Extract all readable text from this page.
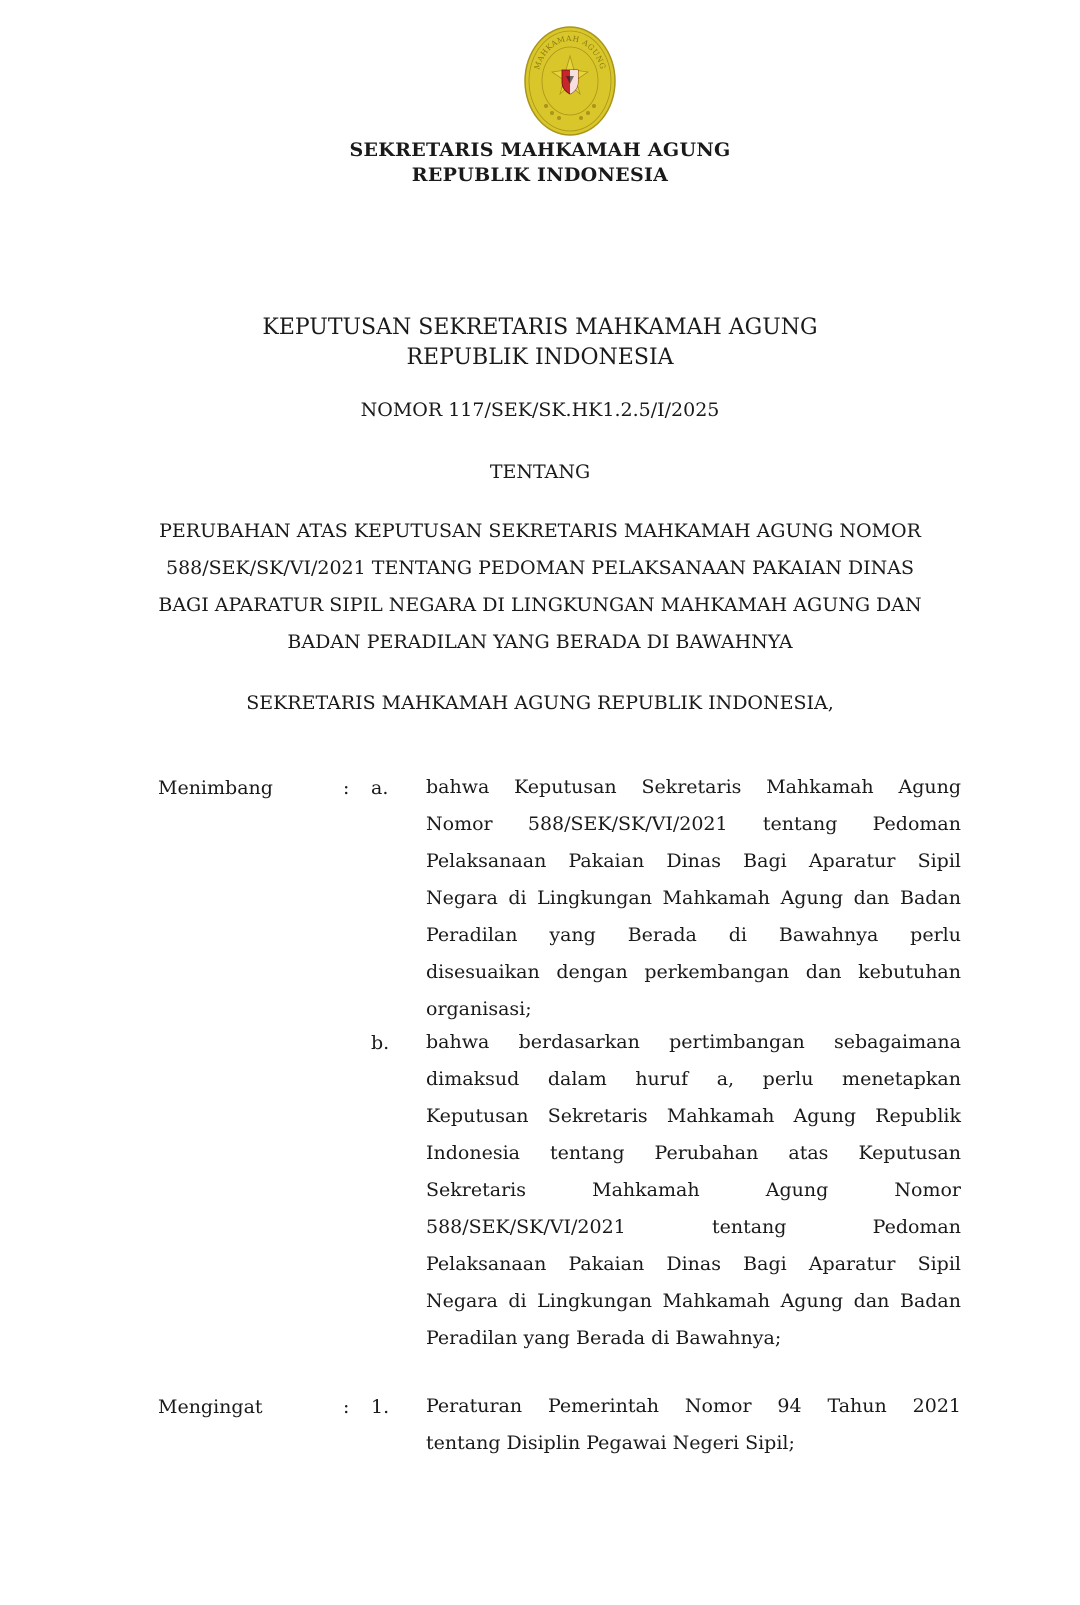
MAHKAMAH AGUNG
SEKRETARIS MAHKAMAH AGUNG
REPUBLIK INDONESIA
KEPUTUSAN SEKRETARIS MAHKAMAH AGUNG
REPUBLIK INDONESIA
NOMOR 117/SEK/SK.HK1.2.5/I/2025
TENTANG
PERUBAHAN ATAS KEPUTUSAN SEKRETARIS MAHKAMAH AGUNG NOMOR
588/SEK/SK/VI/2021 TENTANG PEDOMAN PELAKSANAAN PAKAIAN DINAS
BAGI APARATUR SIPIL NEGARA DI LINGKUNGAN MAHKAMAH AGUNG DAN
BADAN PERADILAN YANG BERADA DI BAWAHNYA
SEKRETARIS MAHKAMAH AGUNG REPUBLIK INDONESIA,
Menimbang	: a. bahwa Keputusan Sekretaris Mahkamah Agung
Nomor 588/SEK/SK/VI/2021 tentang Pedoman
Pelaksanaan Pakaian Dinas Bagi Aparatur Sipil
Negara di Lingkungan Mahkamah Agung dan Badan
Peradilan yang Berada di Bawahnya perlu
disesuaikan dengan perkembangan dan kebutuhan
organisasi;
b. bahwa berdasarkan pertimbangan sebagaimana
dimaksud dalam huruf a, perlu menetapkan
Keputusan Sekretaris Mahkamah Agung Republik
Indonesia tentang Perubahan atas Keputusan
Sekretaris Mahkamah Agung Nomor
588/SEK/SK/VI/2021 tentang Pedoman
Pelaksanaan Pakaian Dinas Bagi Aparatur Sipil
Negara di Lingkungan Mahkamah Agung dan Badan
Peradilan yang Berada di Bawahnya;
Mengingat	: 1. Peraturan Pemerintah Nomor 94 Tahun 2021
tentang Disiplin Pegawai Negeri Sipil;
